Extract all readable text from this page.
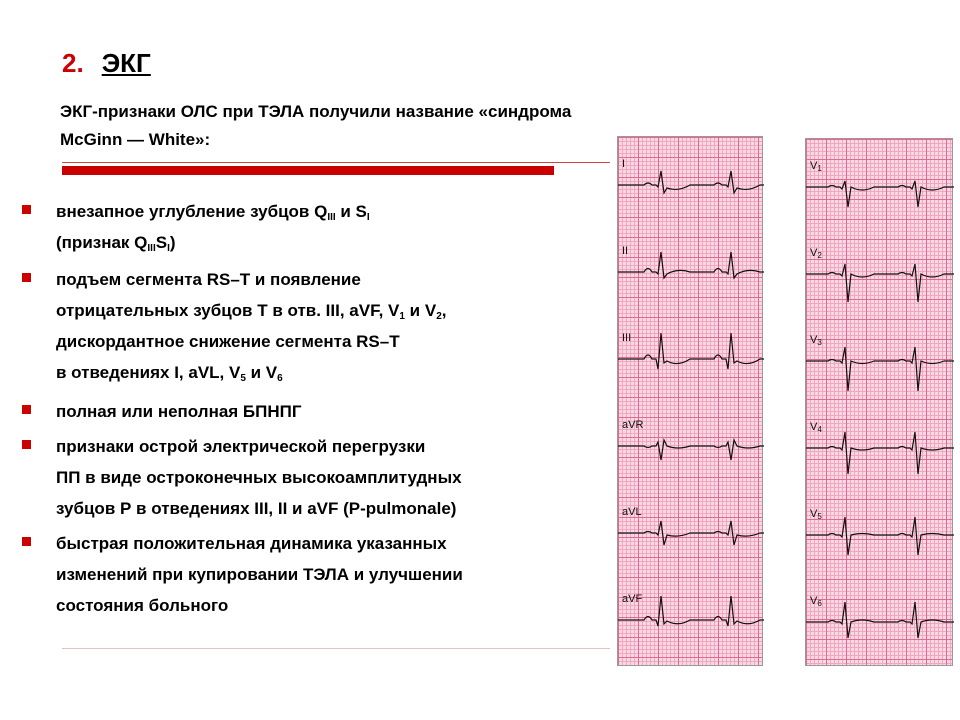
2. ЭКГ
ЭКГ-признаки ОЛС при ТЭЛА получили название «синдрома McGinn — White»:
внезапное углубление зубцов $Q_{III}$ и $S_I$
(признак $Q_{III}S_I$)
подъем сегмента RS–T и появление
отрицательных зубцов Т в отв. III, aVF, $V_1$ и $V_2$,
дискордантное снижение сегмента RS–T
в отведениях I, aVL, $V_5$ и $V_6$
полная или неполная БПНПГ
признаки острой электрической перегрузки
ПП в виде остроконечных высокоамплитудных
зубцов Р в отведениях III, II и aVF (P-pulmonale)
быстрая положительная динамика указанных
изменений при купировании ТЭЛА и улучшении
состояния больного
I
II
III
aVR
aVL
aVF
V1
V2
V3
V4
V5
V6
